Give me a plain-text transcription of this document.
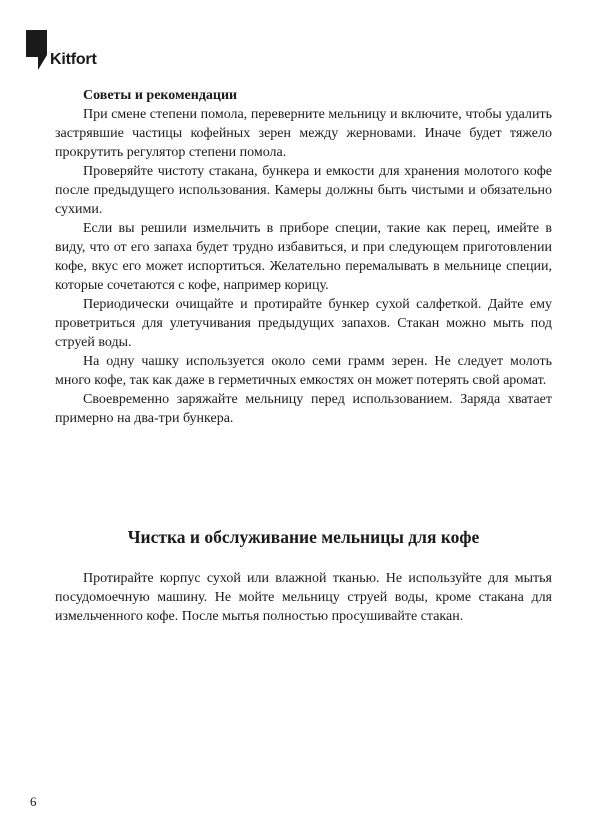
Kitfort

Советы и рекомендации

При смене степени помола, переверните мельницу и включите, чтобы удалить застрявшие частицы кофейных зерен между жерновами. Иначе будет тяжело прокрутить регулятор степени помола.

Проверяйте чистоту стакана, бункера и емкости для хранения молотого кофе после предыдущего использования. Камеры должны быть чистыми и обязательно сухими.

Если вы решили измельчить в приборе специи, такие как перец, имейте в виду, что от его запаха будет трудно избавиться, и при следующем приготовлении кофе, вкус его может испортиться. Желательно перемалывать в мельнице специи, которые сочетаются с кофе, например корицу.

Периодически очищайте и протирайте бункер сухой салфеткой. Дайте ему проветриться для улетучивания предыдущих запахов. Стакан можно мыть под струей воды.

На одну чашку используется около семи грамм зерен. Не следует молоть много кофе, так как даже в герметичных емкостях он может потерять свой аромат.

Своевременно заряжайте мельницу перед использованием. Заряда хватает примерно на два-три бункера.

Чистка и обслуживание мельницы для кофе

Протирайте корпус сухой или влажной тканью. Не используйте для мытья посудомоечную машину. Не мойте мельницу струей воды, кроме стакана для измельченного кофе. После мытья полностью просушивайте стакан.

6
